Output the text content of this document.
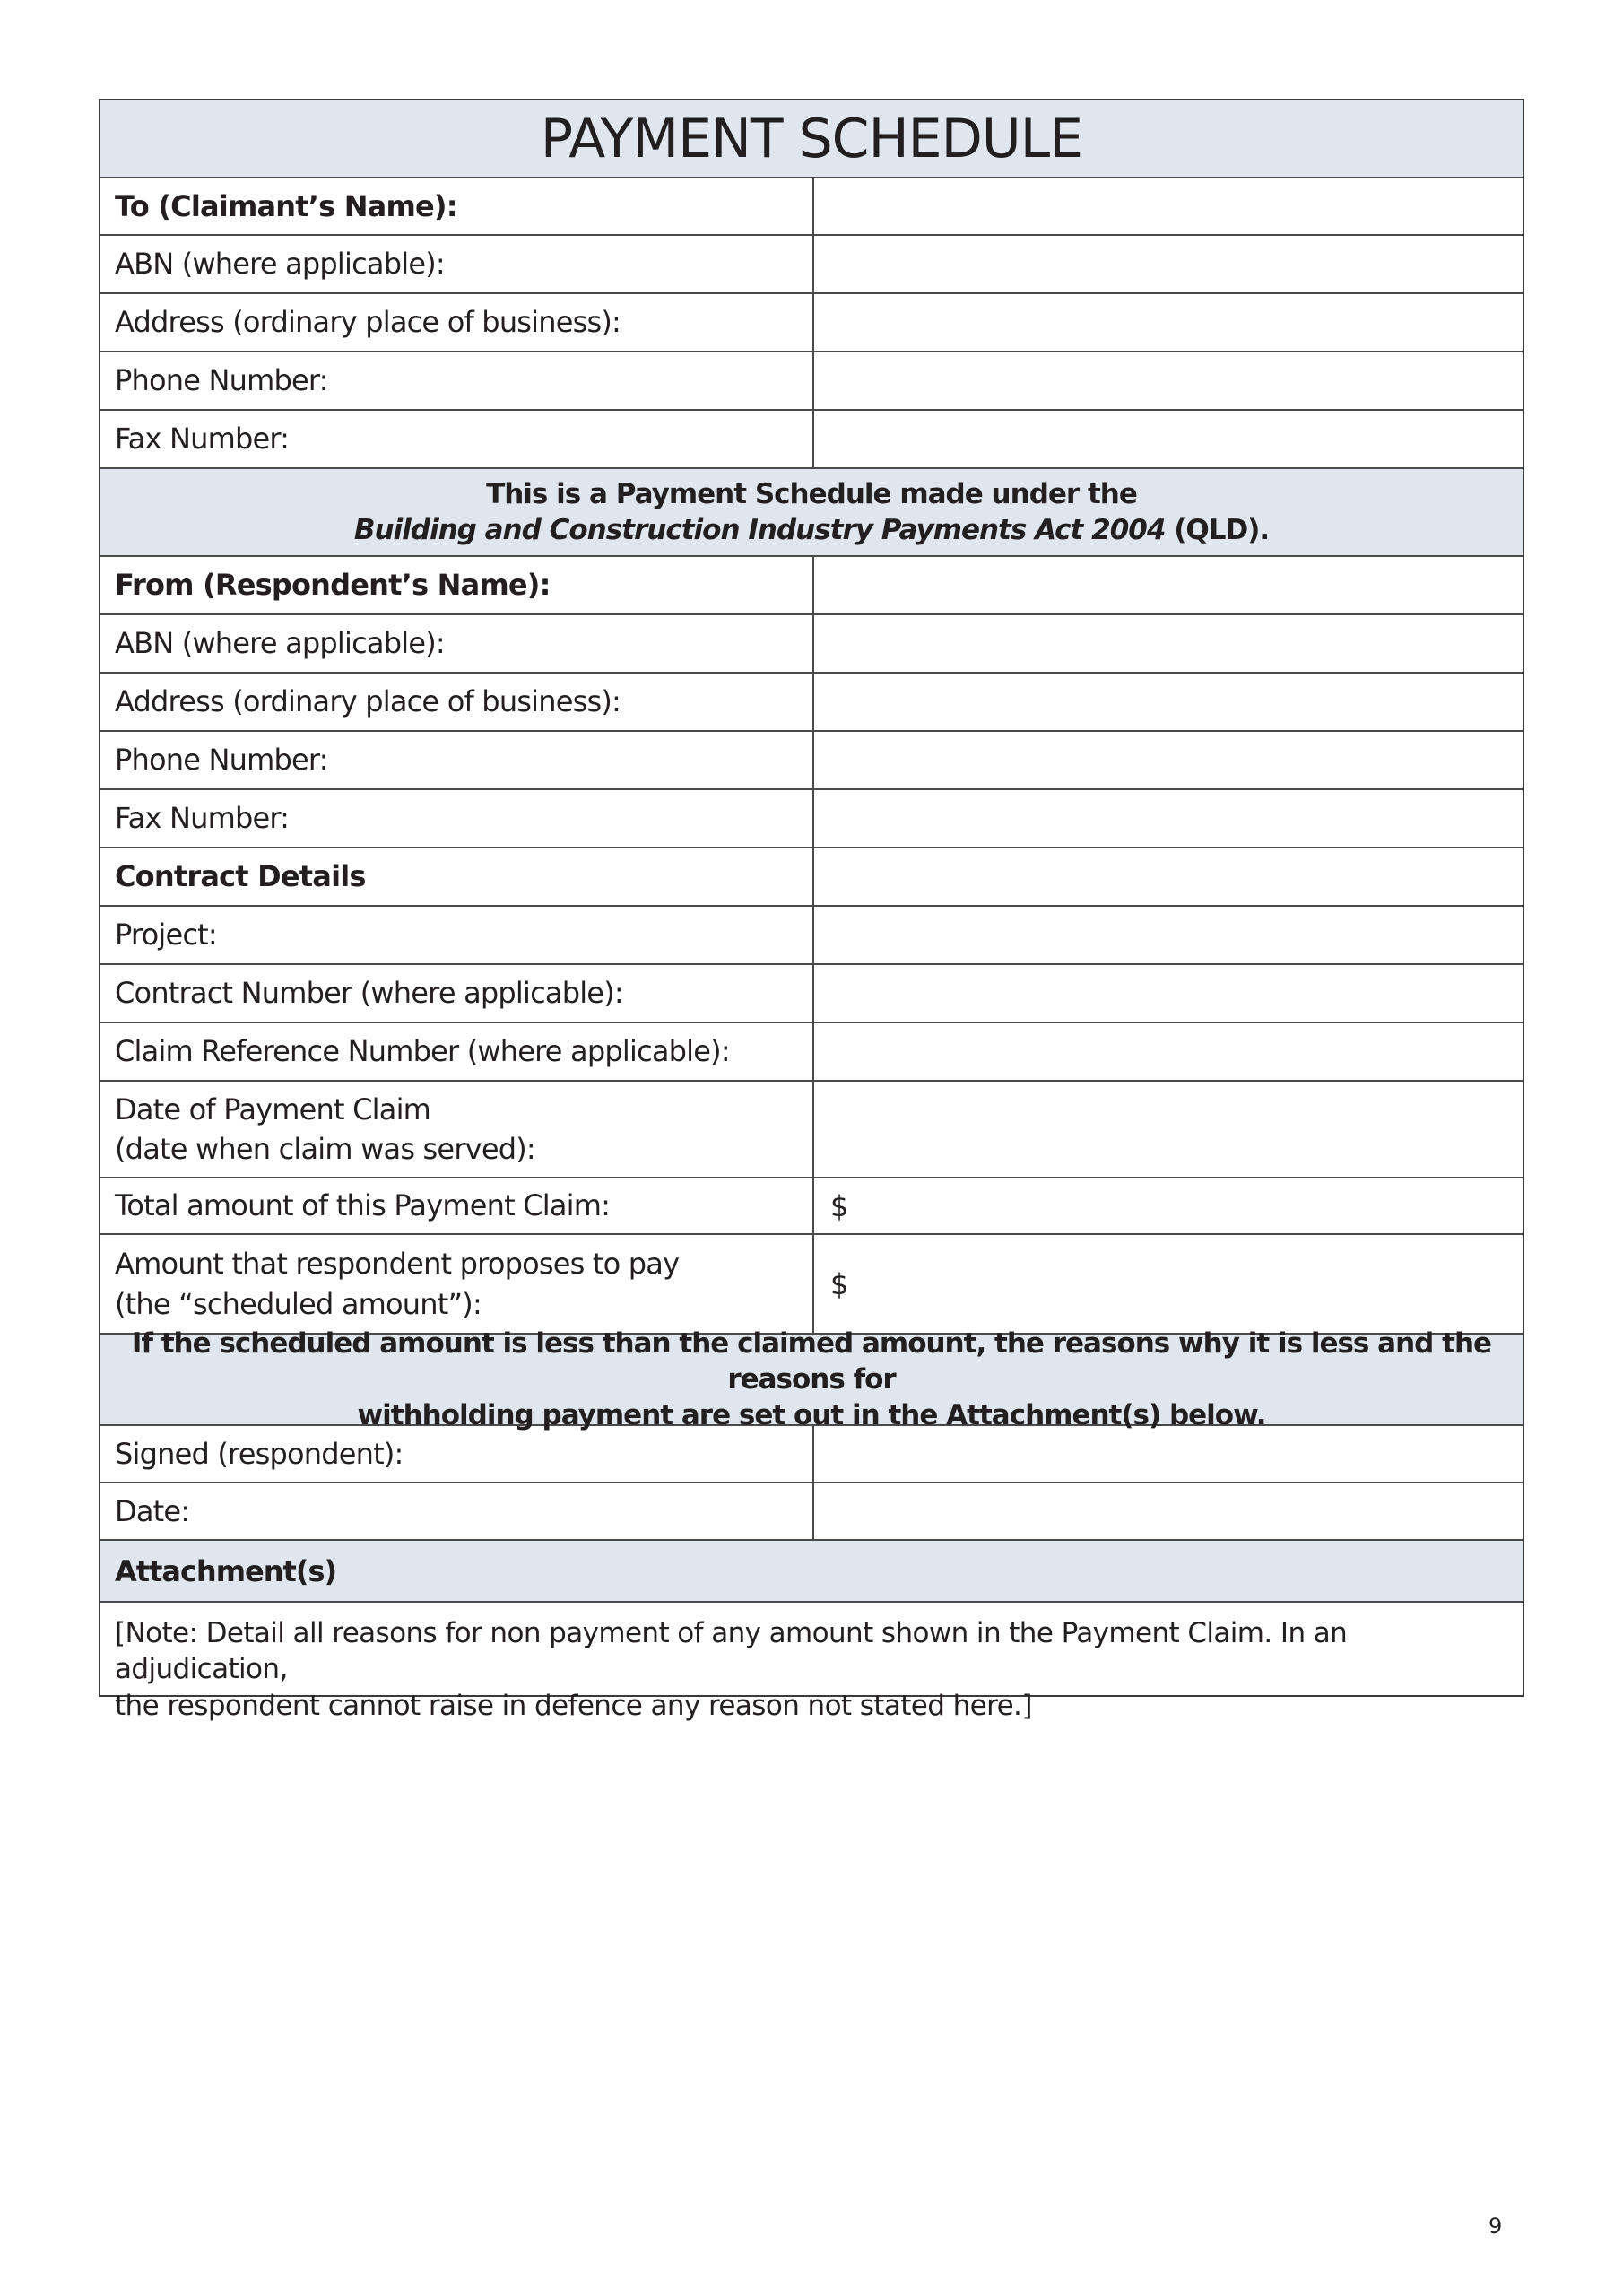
PAYMENT SCHEDULE
To (Claimant’s Name):
ABN (where applicable):
Address (ordinary place of business):
Phone Number:
Fax Number:
This is a Payment Schedule made under the
Building and Construction Industry Payments Act 2004 (QLD).
From (Respondent’s Name):
ABN (where applicable):
Address (ordinary place of business):
Phone Number:
Fax Number:
Contract Details
Project:
Contract Number (where applicable):
Claim Reference Number (where applicable):
Date of Payment Claim
(date when claim was served):
Total amount of this Payment Claim:	$
Amount that respondent proposes to pay
(the “scheduled amount”):
$
If the scheduled amount is less than the claimed amount, the reasons why it is less and the reasons for
withholding payment are set out in the Attachment(s) below.
Signed (respondent):
Date:
Attachment(s)
[Note: Detail all reasons for non payment of any amount shown in the Payment Claim. In an adjudication,
the respondent cannot raise in defence any reason not stated here.]
9
